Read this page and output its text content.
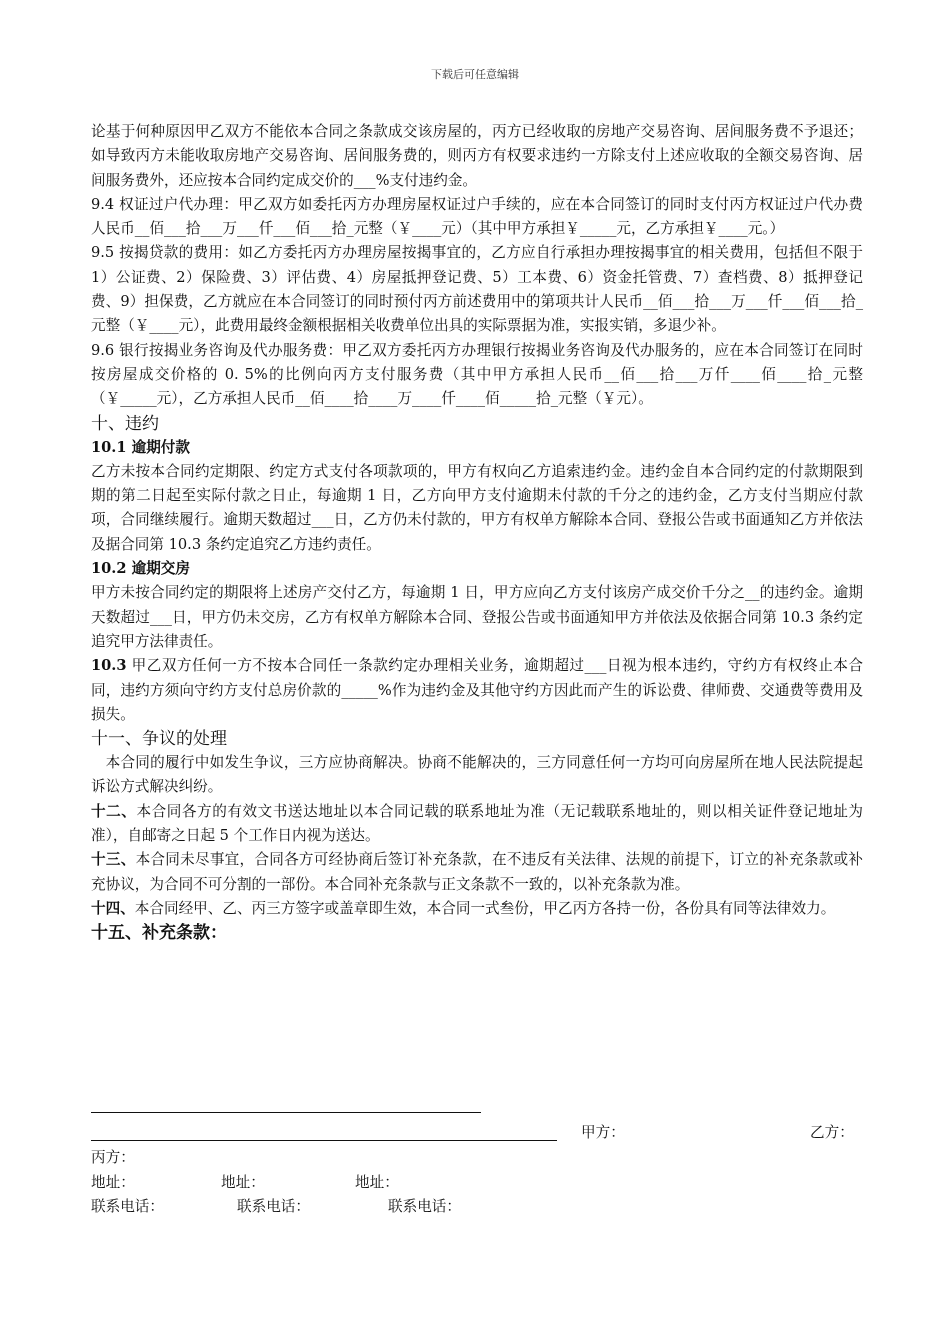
下载后可任意编辑

论基于何种原因甲乙双方不能依本合同之条款成交该房屋的，丙方已经收取的房地产交易咨询、居间服务费不予退还；如导致丙方未能收取房地产交易咨询、居间服务费的，则丙方有权要求违约一方除支付上述应收取的全额交易咨询、居间服务费外，还应按本合同约定成交价的___%支付违约金。

9.4 权证过户代办理：甲乙双方如委托丙方办理房屋权证过户手续的，应在本合同签订的同时支付丙方权证过户代办费人民币__佰___拾___万___仟___佰___拾_元整（￥____元）（其中甲方承担￥_____元，乙方承担￥____元。）

9.5 按揭贷款的费用：如乙方委托丙方办理房屋按揭事宜的，乙方应自行承担办理按揭事宜的相关费用，包括但不限于 1）公证费、2）保险费、3）评估费、4）房屋抵押登记费、5）工本费、6）资金托管费、7）查档费、8）抵押登记费、9）担保费，乙方就应在本合同签订的同时预付丙方前述费用中的第项共计人民币__佰___拾___万___仟___佰___拾_元整（￥____元），此费用最终金额根据相关收费单位出具的实际票据为准，实报实销，多退少补。

9.6 银行按揭业务咨询及代办服务费：甲乙双方委托丙方办理银行按揭业务咨询及代办服务的，应在本合同签订在同时按房屋成交价格的 0. 5%的比例向丙方支付服务费（其中甲方承担人民币__佰___拾___万仟____佰____拾_元整（￥_____元），乙方承担人民币__佰____拾____万____仟____佰_____拾_元整（￥元）。

十、违约

10.1 逾期付款

乙方未按本合同约定期限、约定方式支付各项款项的，甲方有权向乙方追索违约金。违约金自本合同约定的付款期限到期的第二日起至实际付款之日止，每逾期 1 日，乙方向甲方支付逾期未付款的千分之的违约金，乙方支付当期应付款项，合同继续履行。逾期天数超过___日，乙方仍未付款的，甲方有权单方解除本合同、登报公告或书面通知乙方并依法及据合同第 10.3 条约定追究乙方违约责任。

10.2 逾期交房

甲方未按合同约定的期限将上述房产交付乙方，每逾期 1 日，甲方应向乙方支付该房产成交价千分之__的违约金。逾期天数超过___日，甲方仍未交房，乙方有权单方解除本合同、登报公告或书面通知甲方并依法及依据合同第 10.3 条约定追究甲方法律责任。

10.3 甲乙双方任何一方不按本合同任一条款约定办理相关业务，逾期超过___日视为根本违约，守约方有权终止本合同，违约方须向守约方支付总房价款的_____%作为违约金及其他守约方因此而产生的诉讼费、律师费、交通费等费用及损失。

十一、争议的处理

本合同的履行中如发生争议，三方应协商解决。协商不能解决的，三方同意任何一方均可向房屋所在地人民法院提起诉讼方式解决纠纷。

十二、本合同各方的有效文书送达地址以本合同记载的联系地址为准（无记载联系地址的，则以相关证件登记地址为准），自邮寄之日起 5 个工作日内视为送达。

十三、本合同未尽事宜，合同各方可经协商后签订补充条款，在不违反有关法律、法规的前提下，订立的补充条款或补充协议，为合同不可分割的一部份。本合同补充条款与正文条款不一致的，以补充条款为准。

十四、本合同经甲、乙、丙三方签字或盖章即生效，本合同一式叁份，甲乙丙方各持一份，各份具有同等法律效力。

十五、补充条款：

甲方：	乙方：
丙方：
地址：	地址：	地址：
联系电话：	联系电话：	联系电话：
